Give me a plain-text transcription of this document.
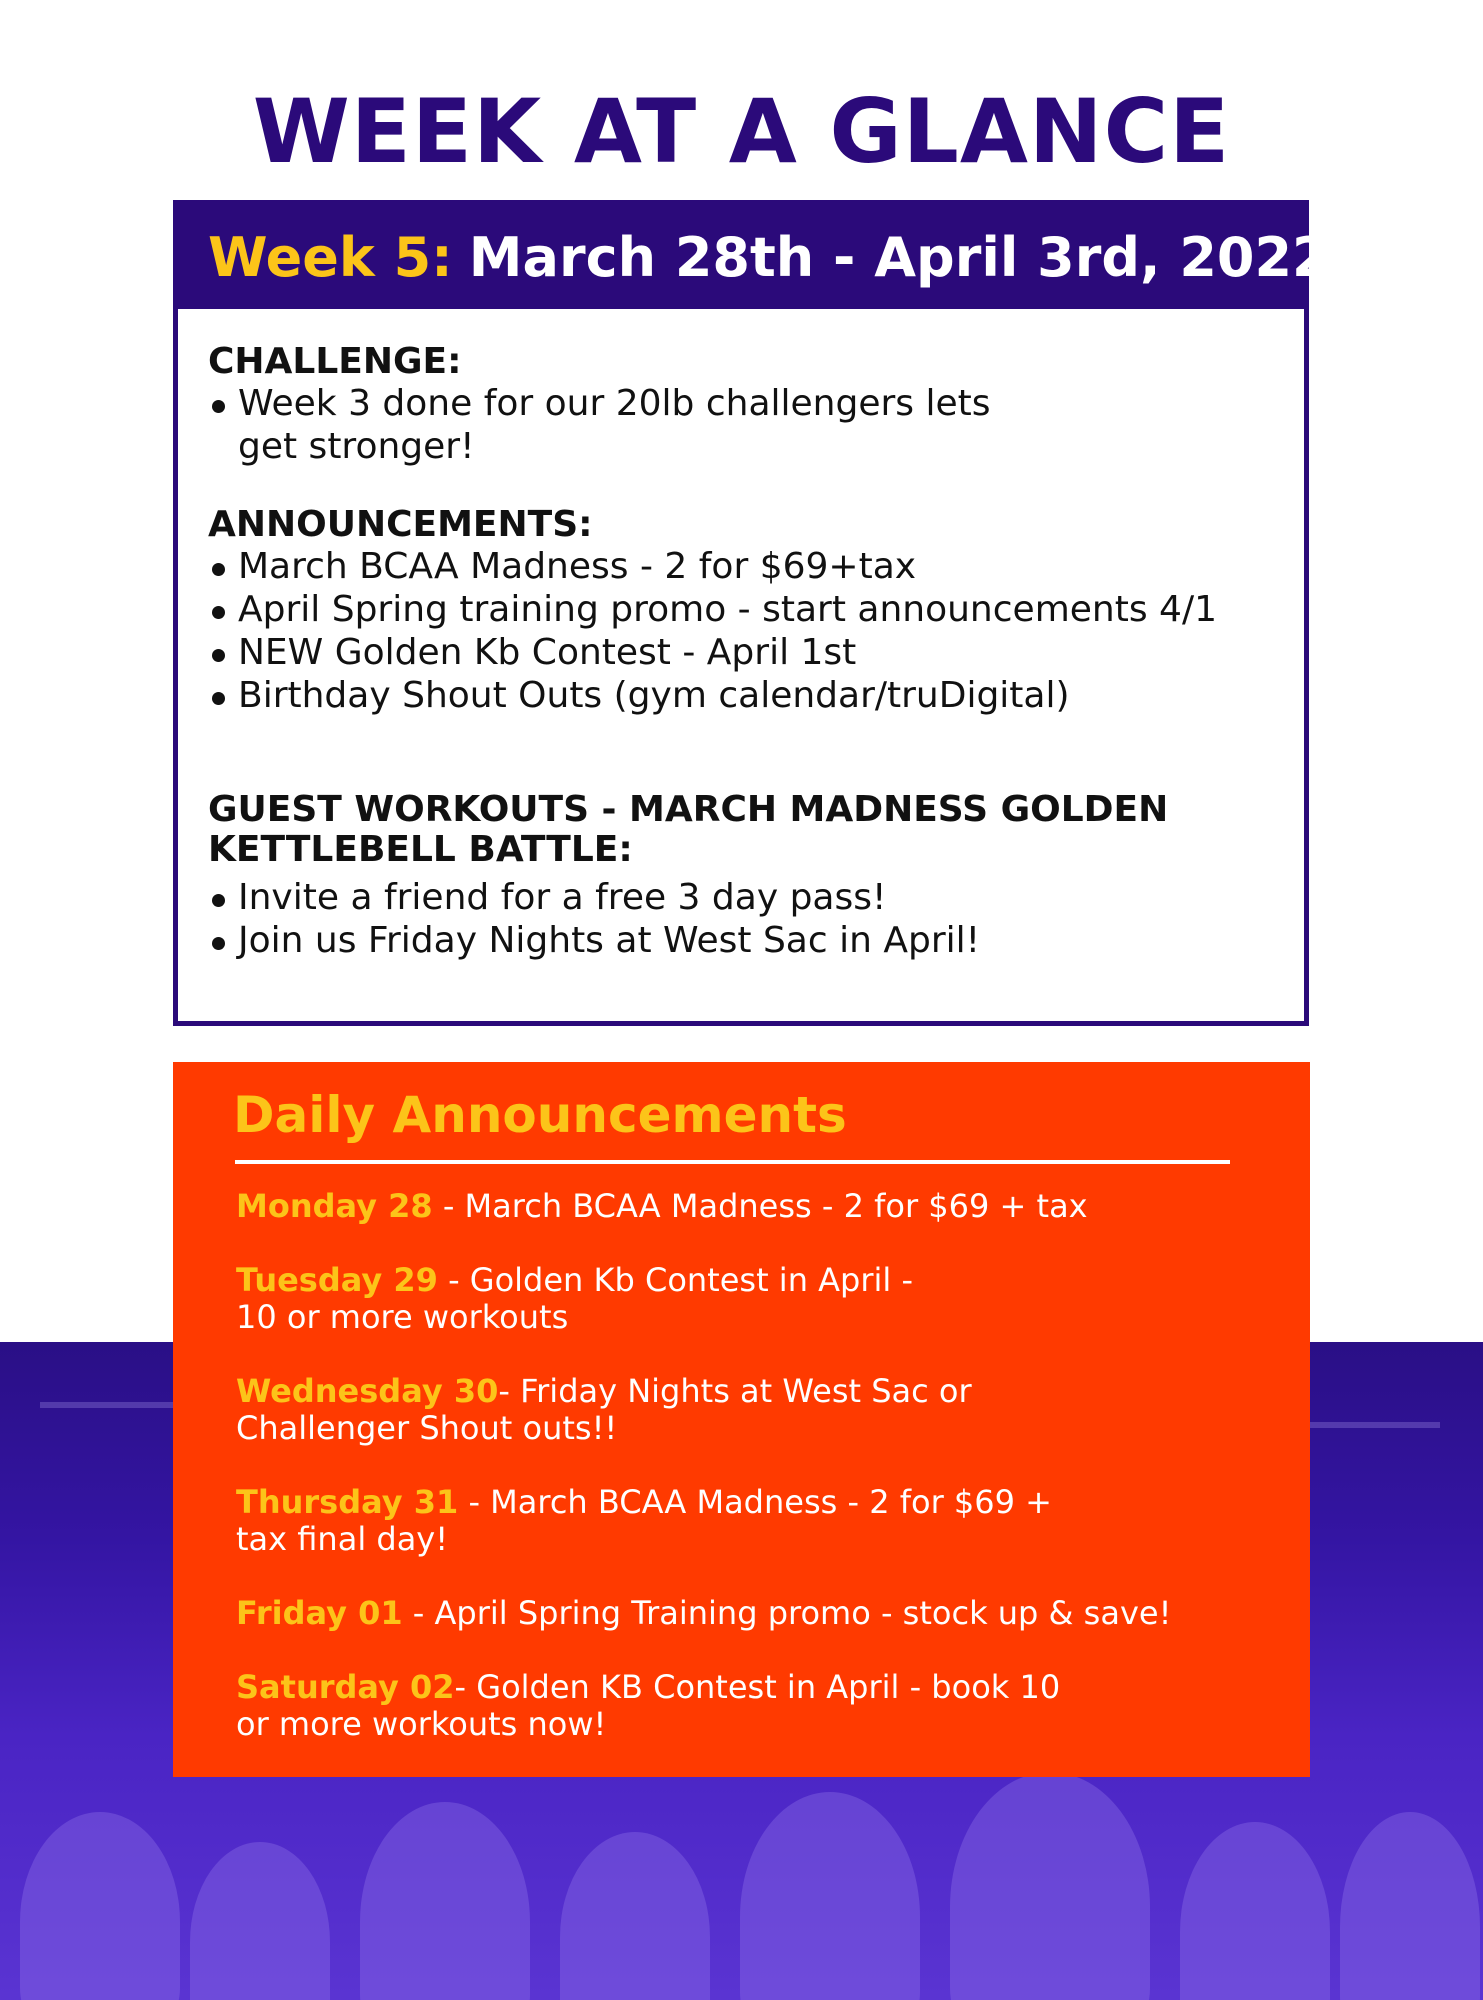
WEEK AT A GLANCE
Week 5: March 28th - April 3rd, 2022
CHALLENGE:
Week 3 done for our 20lb challengers lets
get stronger!
ANNOUNCEMENTS:
March BCAA Madness - 2 for $69+tax
April Spring training promo - start announcements 4/1
NEW Golden Kb Contest - April 1st
Birthday Shout Outs (gym calendar/truDigital)
GUEST WORKOUTS - MARCH MADNESS GOLDEN
KETTLEBELL BATTLE:
Invite a friend for a free 3 day pass!
Join us Friday Nights at West Sac in April!
Daily Announcements
Monday 28 - March BCAA Madness - 2 for $69 + tax
Tuesday 29 - Golden Kb Contest in April -
10 or more workouts
Wednesday 30- Friday Nights at West Sac or
Challenger Shout outs!!
Thursday 31 - March BCAA Madness - 2 for $69 +
tax final day!
Friday 01 - April Spring Training promo - stock up & save!
Saturday 02- Golden KB Contest in April - book 10
or more workouts now!
